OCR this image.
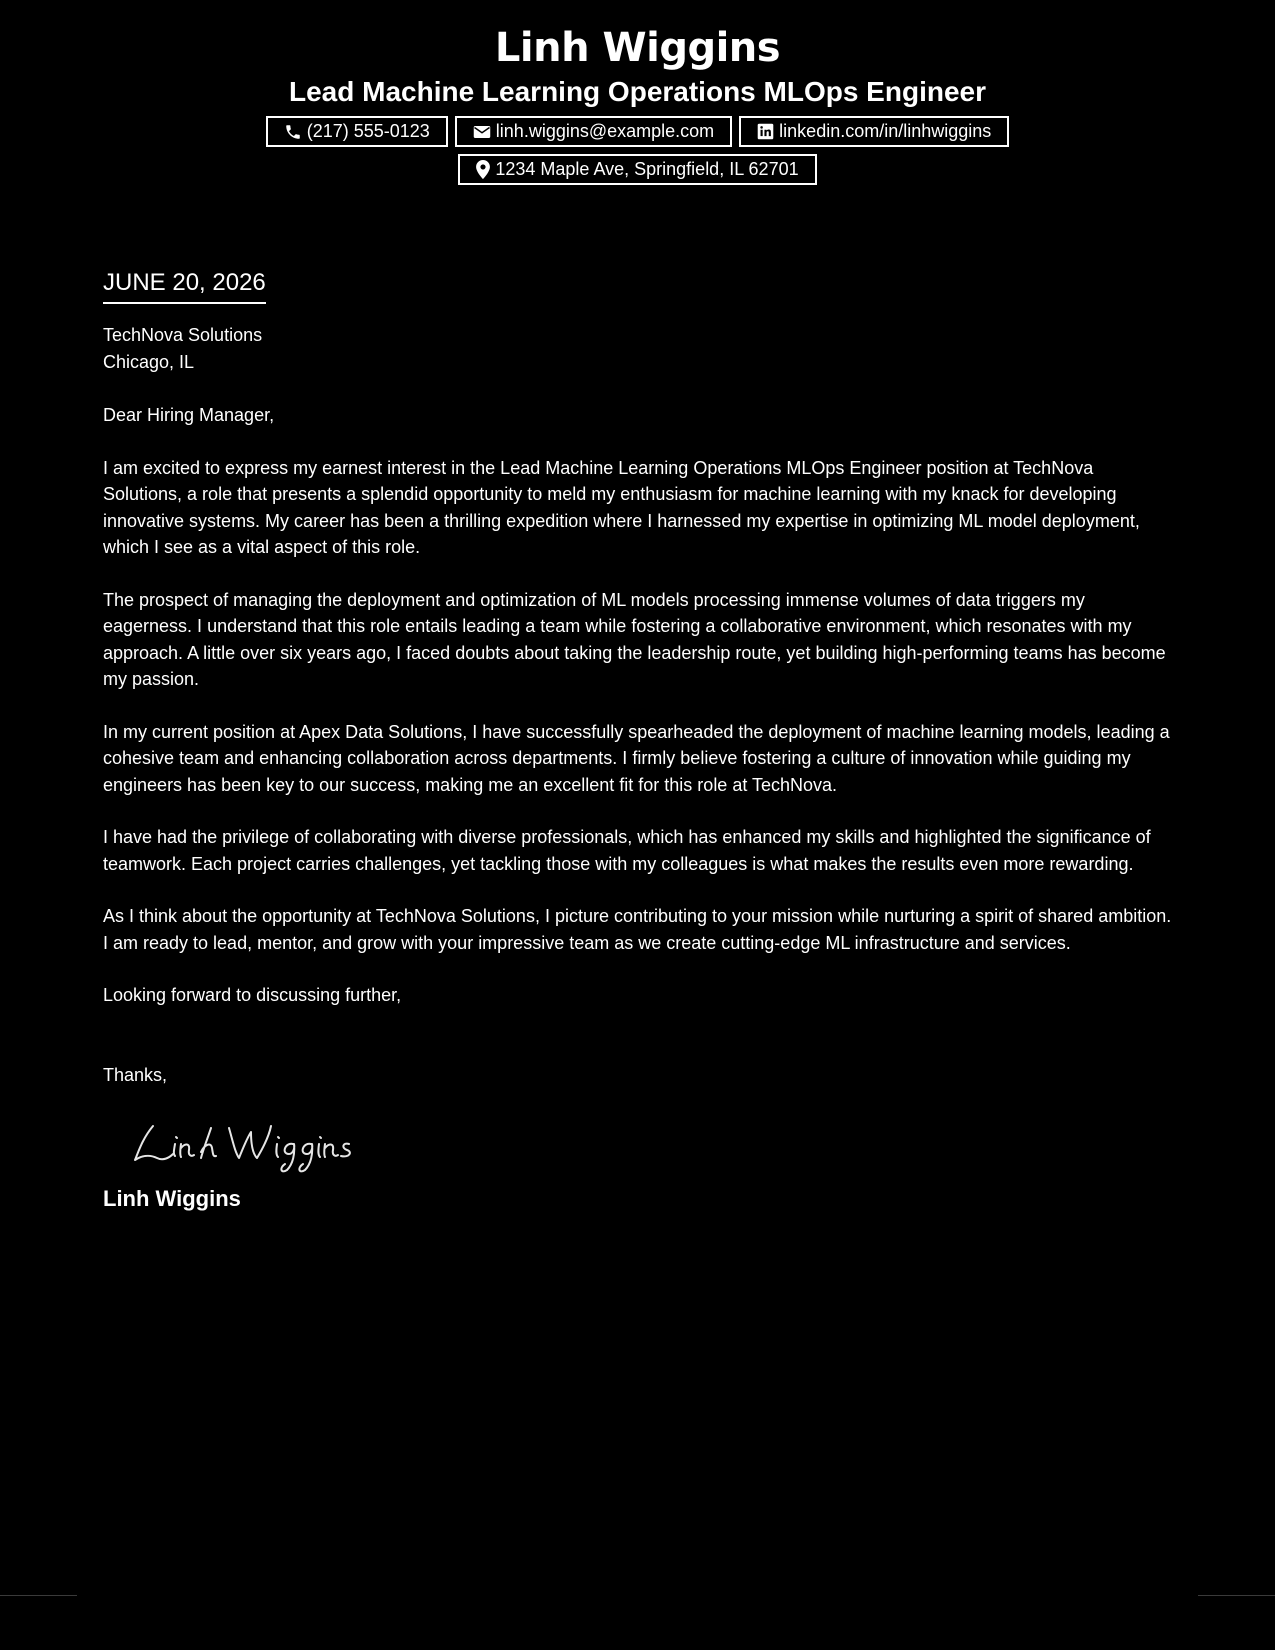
Linh Wiggins
Lead Machine Learning Operations MLOps Engineer
(217) 555-0123	linh.wiggins@example.com	linkedin.com/in/linhwiggins
1234 Maple Ave, Springfield, IL 62701
JUNE 20, 2026
TechNova Solutions
Chicago, IL
Dear Hiring Manager,

I am excited to express my earnest interest in the Lead Machine Learning Operations MLOps Engineer position at TechNova Solutions, a role that presents a splendid opportunity to meld my enthusiasm for machine learning with my knack for developing innovative systems. My career has been a thrilling expedition where I harnessed my expertise in optimizing ML model deployment, which I see as a vital aspect of this role.

The prospect of managing the deployment and optimization of ML models processing immense volumes of data triggers my eagerness. I understand that this role entails leading a team while fostering a collaborative environment, which resonates with my approach. A little over six years ago, I faced doubts about taking the leadership route, yet building high-performing teams has become my passion.

In my current position at Apex Data Solutions, I have successfully spearheaded the deployment of machine learning models, leading a cohesive team and enhancing collaboration across departments. I firmly believe fostering a culture of innovation while guiding my engineers has been key to our success, making me an excellent fit for this role at TechNova.

I have had the privilege of collaborating with diverse professionals, which has enhanced my skills and highlighted the significance of teamwork. Each project carries challenges, yet tackling those with my colleagues is what makes the results even more rewarding.

As I think about the opportunity at TechNova Solutions, I picture contributing to your mission while nurturing a spirit of shared ambition. I am ready to lead, mentor, and grow with your impressive team as we create cutting-edge ML infrastructure and services.

Looking forward to discussing further,
Thanks,
Linh Wiggins
